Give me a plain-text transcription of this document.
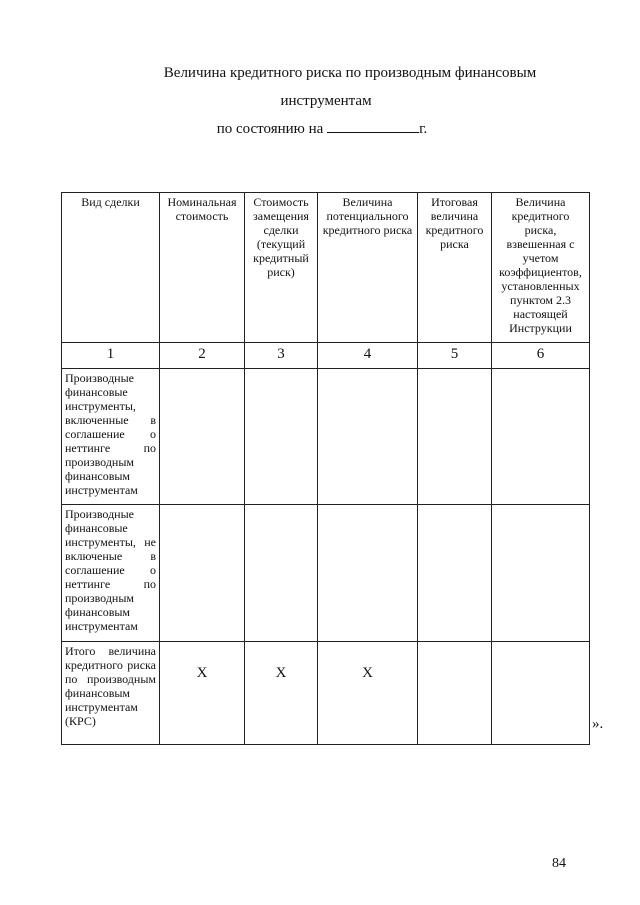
Величина кредитного риска по производным финансовым
инструментам
по состоянию на	г.
Вид сделки	Номинальная стоимость	Стоимость замещения сделки (текущий кредитный риск)	Величина потенциального кредитного риска	Итоговая величина кредитного риска	Величина кредитного риска, взвешенная с учетом коэффициентов, установленных пунктом 2.3 настоящей Инструкции
1	2	3	4	5	6
Производные финансовые инструменты, включенные в соглашение о неттинге по производным финансовым инструментам					
Производные финансовые инструменты, не включеные в соглашение о неттинге по производным финансовым инструментам					
Итого величина кредитного риска по производным финансовым инструментам (КРС)	Х	Х	Х		
».
84
